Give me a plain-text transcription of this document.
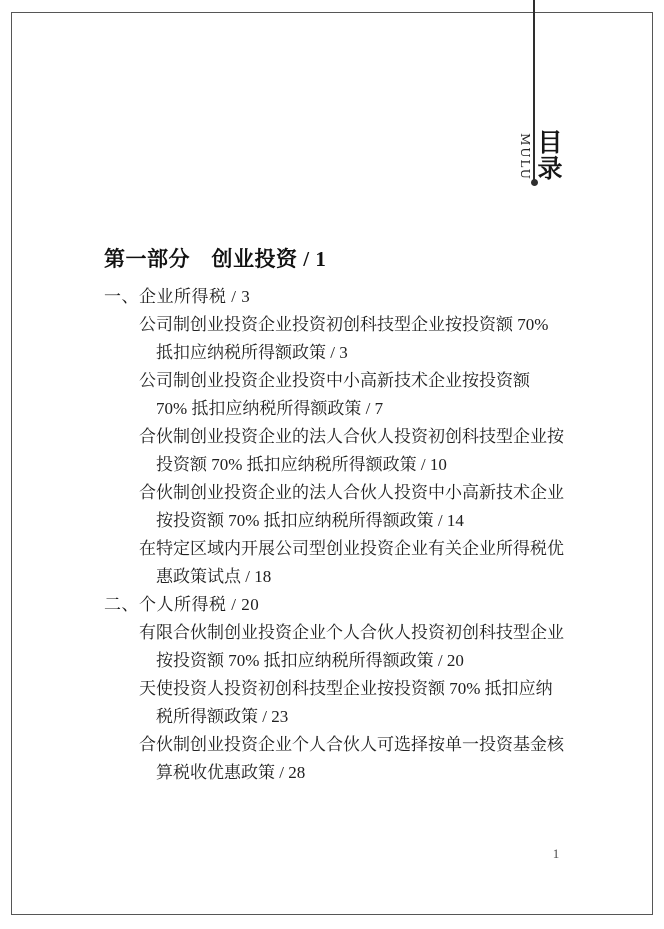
MULU 目
录
第一部分　创业投资 / 1
一、企业所得税 / 3
公司制创业投资企业投资初创科技型企业按投资额 70% 抵扣应纳税所得额政策 / 3
公司制创业投资企业投资中小高新技术企业按投资额 70% 抵扣应纳税所得额政策 / 7
合伙制创业投资企业的法人合伙人投资初创科技型企业按投资额 70% 抵扣应纳税所得额政策 / 10
合伙制创业投资企业的法人合伙人投资中小高新技术企业按投资额 70% 抵扣应纳税所得额政策 / 14
在特定区域内开展公司型创业投资企业有关企业所得税优惠政策试点 / 18
二、个人所得税 / 20
有限合伙制创业投资企业个人合伙人投资初创科技型企业按投资额 70% 抵扣应纳税所得额政策 / 20
天使投资人投资初创科技型企业按投资额 70% 抵扣应纳税所得额政策 / 23
合伙制创业投资企业个人合伙人可选择按单一投资基金核算税收优惠政策 / 28
1
